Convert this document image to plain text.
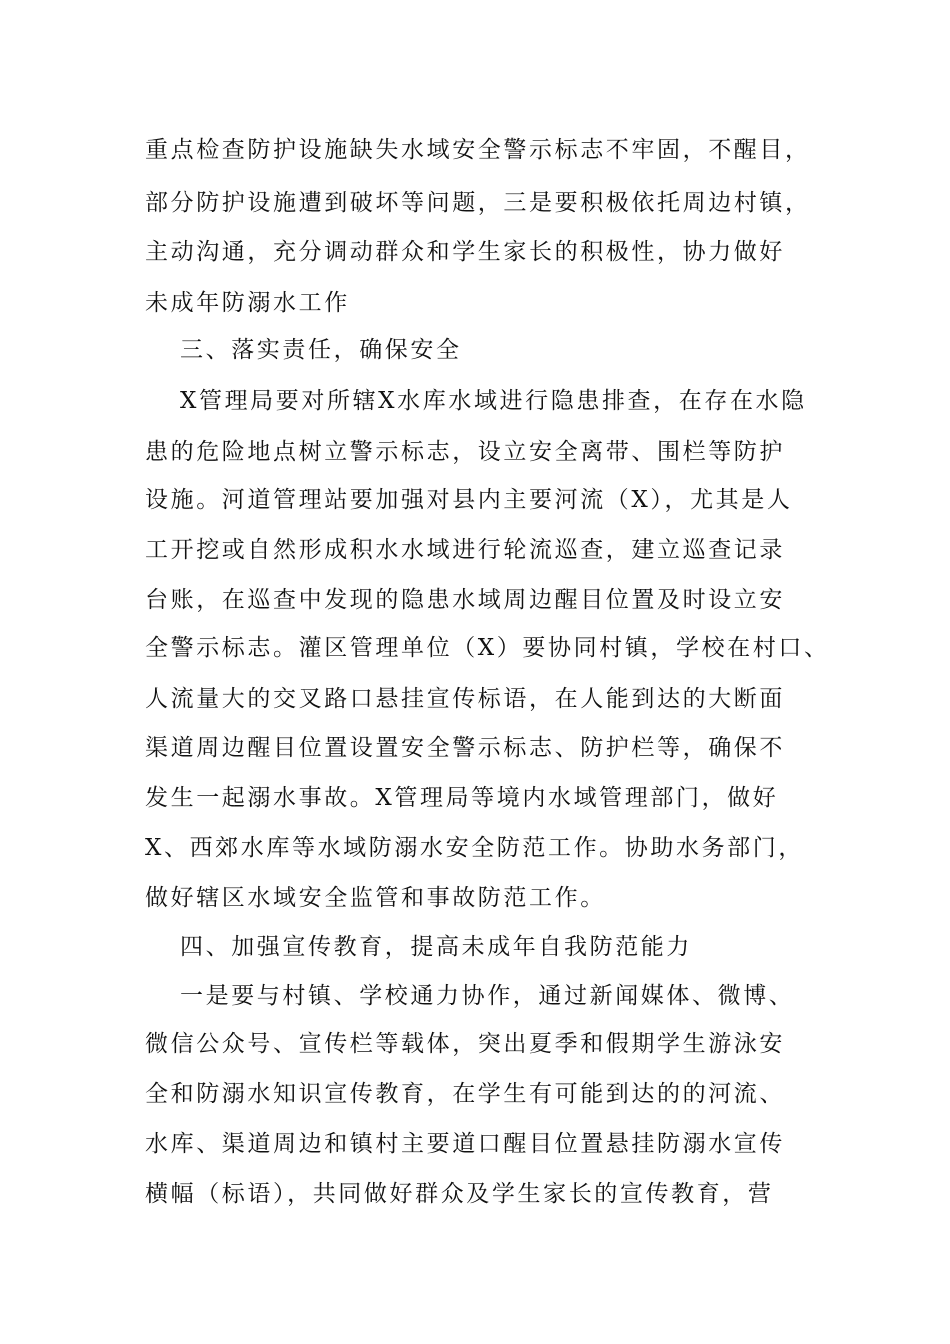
重点检查防护设施缺失水域安全警示标志不牢固，不醒目，
部分防护设施遭到破坏等问题，三是要积极依托周边村镇，
主动沟通，充分调动群众和学生家长的积极性，协力做好
未成年防溺水工作
三、落实责任，确保安全
X管理局要对所辖X水库水域进行隐患排查，在存在水隐
患的危险地点树立警示标志，设立安全离带、围栏等防护
设施。河道管理站要加强对县内主要河流（X），尤其是人
工开挖或自然形成积水水域进行轮流巡查，建立巡查记录
台账，在巡查中发现的隐患水域周边醒目位置及时设立安
全警示标志。灌区管理单位（X）要协同村镇，学校在村口、
人流量大的交叉路口悬挂宣传标语，在人能到达的大断面
渠道周边醒目位置设置安全警示标志、防护栏等，确保不
发生一起溺水事故。X管理局等境内水域管理部门，做好
X、西郊水库等水域防溺水安全防范工作。协助水务部门，
做好辖区水域安全监管和事故防范工作。
四、加强宣传教育，提高未成年自我防范能力
一是要与村镇、学校通力协作，通过新闻媒体、微博、
微信公众号、宣传栏等载体，突出夏季和假期学生游泳安
全和防溺水知识宣传教育，在学生有可能到达的的河流、
水库、渠道周边和镇村主要道口醒目位置悬挂防溺水宣传
横幅（标语），共同做好群众及学生家长的宣传教育，营
